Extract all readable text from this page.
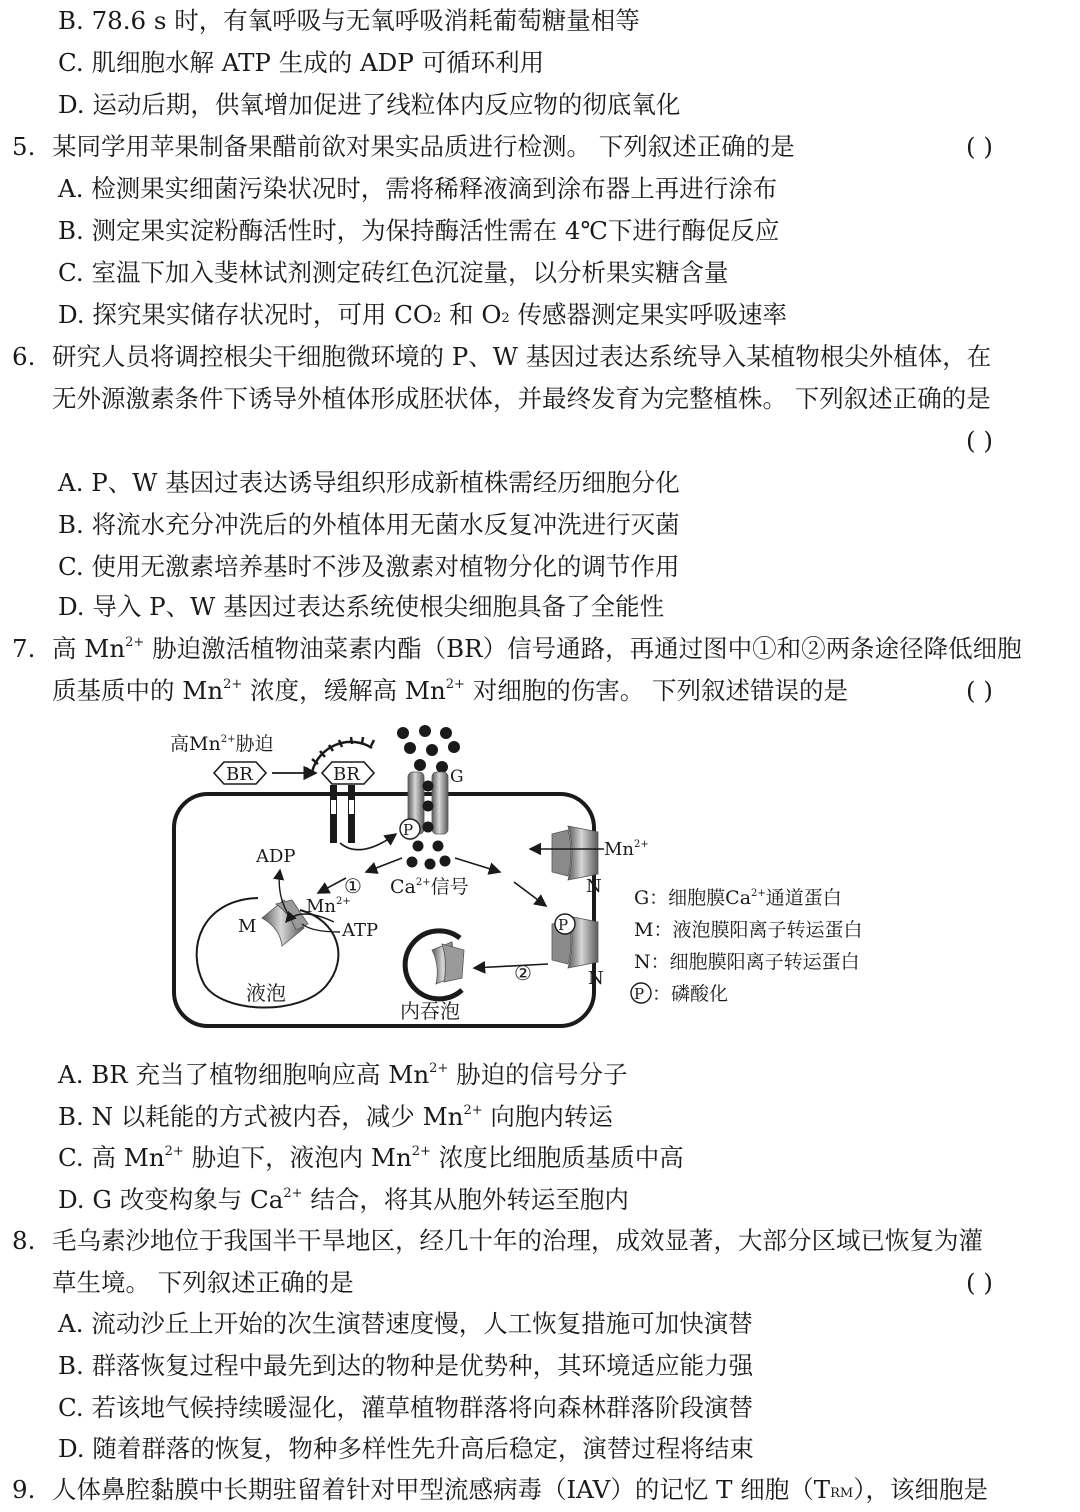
B. 78.6 s 时，有氧呼吸与无氧呼吸消耗葡萄糖量相等
C. 肌细胞水解 ATP 生成的 ADP 可循环利用
D. 运动后期，供氧增加促进了线粒体内反应物的彻底氧化
5. 某同学用苹果制备果醋前欲对果实品质进行检测。 下列叙述正确的是	( )
A. 检测果实细菌污染状况时，需将稀释液滴到涂布器上再进行涂布
B. 测定果实淀粉酶活性时，为保持酶活性需在 4℃下进行酶促反应
C. 室温下加入斐林试剂测定砖红色沉淀量，以分析果实糖含量
D. 探究果实储存状况时，可用 $CO_2$ 和 $O_2$ 传感器测定果实呼吸速率
6. 研究人员将调控根尖干细胞微环境的 P、W 基因过表达系统导入某植物根尖外植体，在
无外源激素条件下诱导外植体形成胚状体，并最终发育为完整植株。 下列叙述正确的是
( )
A. P、W 基因过表达诱导组织形成新植株需经历细胞分化
B. 将流水充分冲洗后的外植体用无菌水反复冲洗进行灭菌
C. 使用无激素培养基时不涉及激素对植物分化的调节作用
D. 导入 P、W 基因过表达系统使根尖细胞具备了全能性
7. 高 $Mn^{2+}$ 胁迫激活植物油菜素内酯（BR）信号通路，再通过图中①和②两条途径降低细胞
质基质中的 $Mn^{2+}$ 浓度，缓解高 $Mn^{2+}$ 对细胞的伤害。 下列叙述错误的是	( )
高$Mn^{2+}$胁迫
BR	BR	G
P
$Ca^{2+}$信号
①
$Mn^{2+}$
N
P
N
②
内吞泡
M
$Mn^{2+}$
ADP
ATP
液泡
G：细胞膜$Ca^{2+}$通道蛋白
M：液泡膜阳离子转运蛋白
N：细胞膜阳离子转运蛋白
P ：磷酸化
A. BR 充当了植物细胞响应高 $Mn^{2+}$ 胁迫的信号分子
B. N 以耗能的方式被内吞，减少 $Mn^{2+}$ 向胞内转运
C. 高 $Mn^{2+}$ 胁迫下，液泡内 $Mn^{2+}$ 浓度比细胞质基质中高
D. G 改变构象与 $Ca^{2+}$ 结合，将其从胞外转运至胞内
8. 毛乌素沙地位于我国半干旱地区，经几十年的治理，成效显著，大部分区域已恢复为灌
草生境。 下列叙述正确的是	( )
A. 流动沙丘上开始的次生演替速度慢，人工恢复措施可加快演替
B. 群落恢复过程中最先到达的物种是优势种，其环境适应能力强
C. 若该地气候持续暖湿化，灌草植物群落将向森林群落阶段演替
D. 随着群落的恢复，物种多样性先升高后稳定，演替过程将结束
9. 人体鼻腔黏膜中长期驻留着针对甲型流感病毒（IAV）的记忆 T 细胞$(T_{RM})$，该细胞是
